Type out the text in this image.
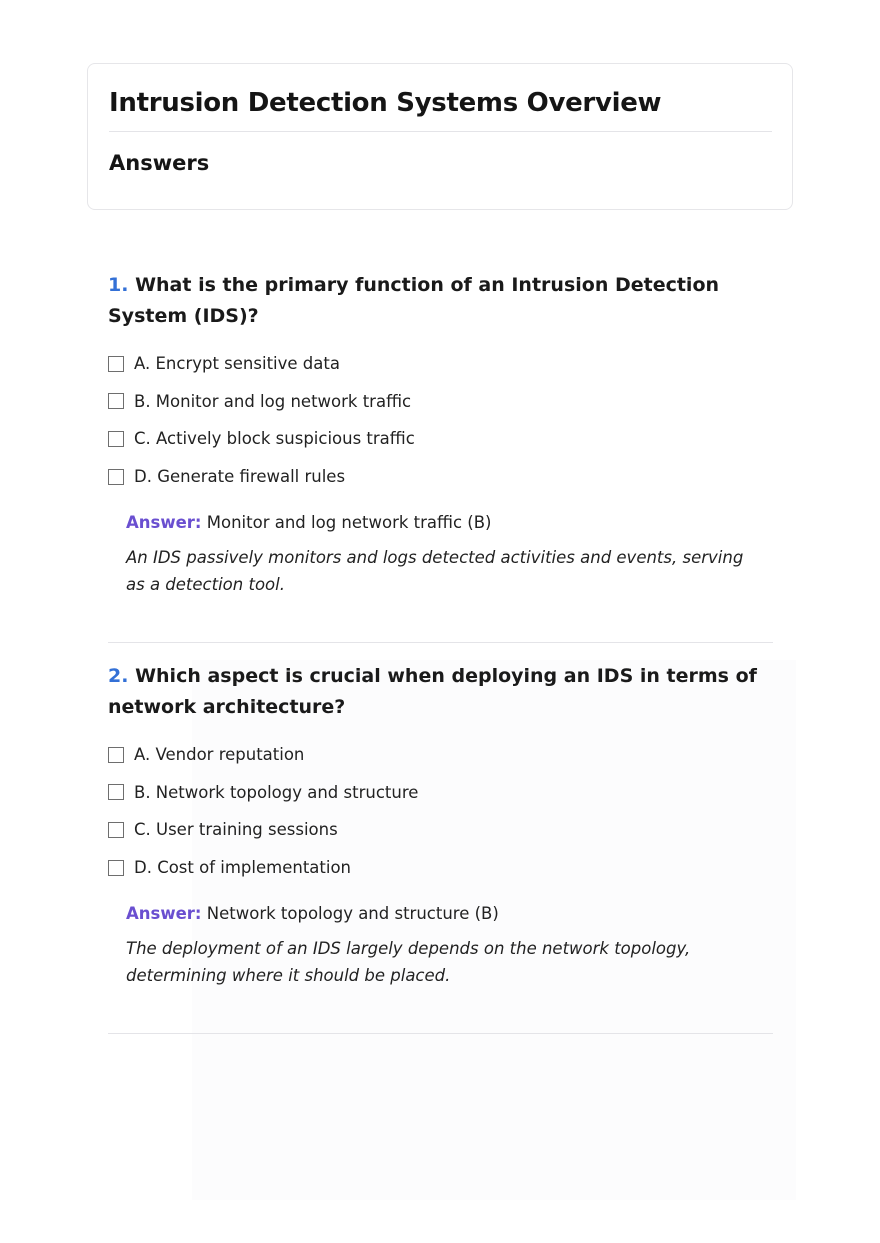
Intrusion Detection Systems Overview
Answers

1. What is the primary function of an Intrusion Detection System (IDS)?

A. Encrypt sensitive data
B. Monitor and log network traffic
C. Actively block suspicious traffic
D. Generate firewall rules

Answer: Monitor and log network traffic (B)

An IDS passively monitors and logs detected activities and events, serving as a detection tool.

2. Which aspect is crucial when deploying an IDS in terms of network architecture?

A. Vendor reputation
B. Network topology and structure
C. User training sessions
D. Cost of implementation

Answer: Network topology and structure (B)

The deployment of an IDS largely depends on the network topology, determining where it should be placed.
